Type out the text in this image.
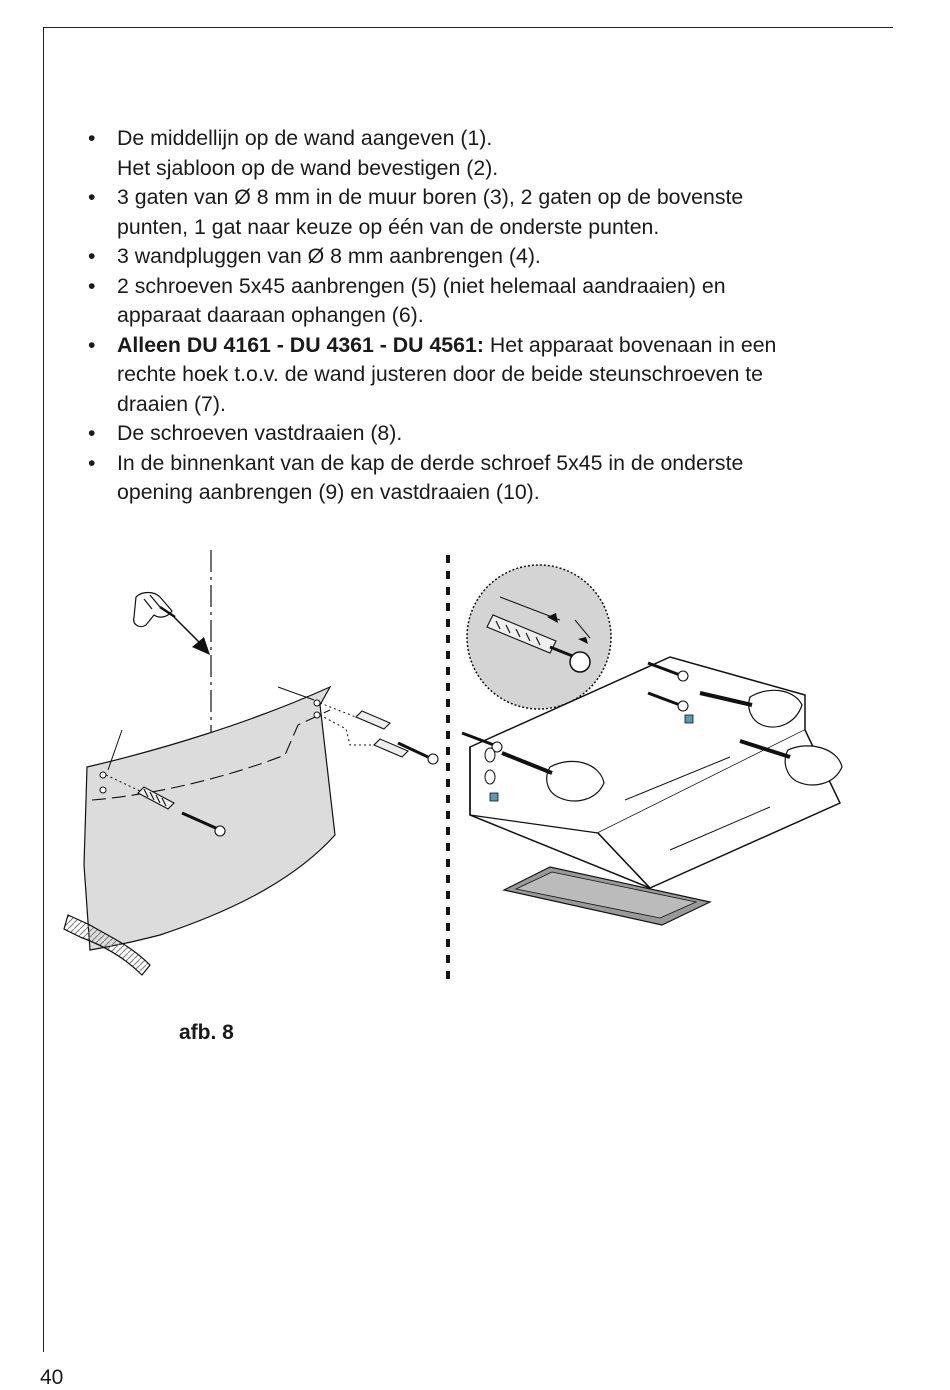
• De middellijn op de wand aangeven (1).
Het sjabloon op de wand bevestigen (2).
• 3 gaten van Ø 8 mm in de muur boren (3), 2 gaten op de bovenste
punten, 1 gat naar keuze op één van de onderste punten.
• 3 wandpluggen van Ø 8 mm aanbrengen (4).
• 2 schroeven 5x45 aanbrengen (5) (niet helemaal aandraaien) en
apparaat daaraan ophangen (6).
• Alleen DU 4161 - DU 4361 - DU 4561: Het apparaat bovenaan in een
rechte hoek t.o.v. de wand justeren door de beide steunschroeven te
draaien (7).
• De schroeven vastdraaien (8).
• In de binnenkant van de kap de derde schroef 5x45 in de onderste
opening aanbrengen (9) en vastdraaien (10).
afb. 8
40
